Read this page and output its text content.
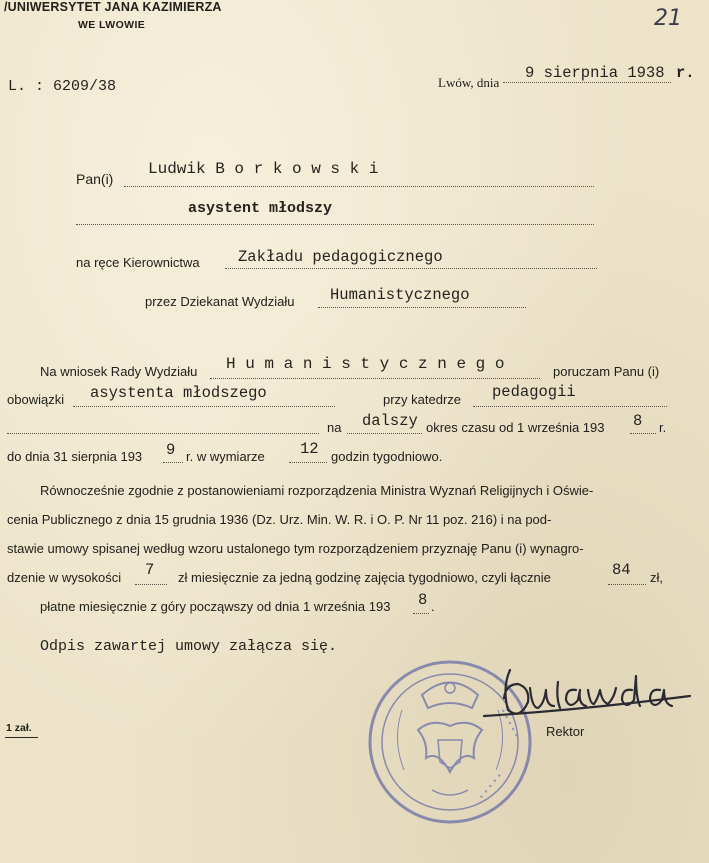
/UNIWERSYTET JANA KAZIMIERZA
WE LWOWIE	21
L. : 6209/38	Lwów, dnia
9 sierpnia 1938 r.
Pan(i)
Ludwik B o r k o w s k i
asystent młodszy
na ręce Kierownictwa Zakładu pedagogicznego
przez Dziekanat Wydziału Humanistycznego
Na wniosek Rady Wydziału H u m a n i s t y c z n e g o	poruczam Panu (i)
obowiązki asystenta młodszego	przy katedrze pedagogii
na dalszy okres czasu od 1 września 193 8 r.
do dnia 31 sierpnia 193 9 r. w wymiarze 12 godzin tygodniowo.
Równocześnie zgodnie z postanowieniami rozporządzenia Ministra Wyznań Religijnych i Oświe-
cenia Publicznego z dnia 15 grudnia 1936 (Dz. Urz. Min. W. R. i O. P. Nr 11 poz. 216) i na pod-
stawie umowy spisanej według wzoru ustalonego tym rozporządzeniem przyznaję Panu (i) wynagro-
dzenie w wysokości 7 zł miesięcznie za jedną godzinę zajęcia tygodniowo, czyli łącznie	84 zł,
płatne miesięcznie z góry począwszy od dnia 1 września 193 8 .
Odpis zawartej umowy załącza się.
1 zał.	• • • • •
• • • • •
Rektor
